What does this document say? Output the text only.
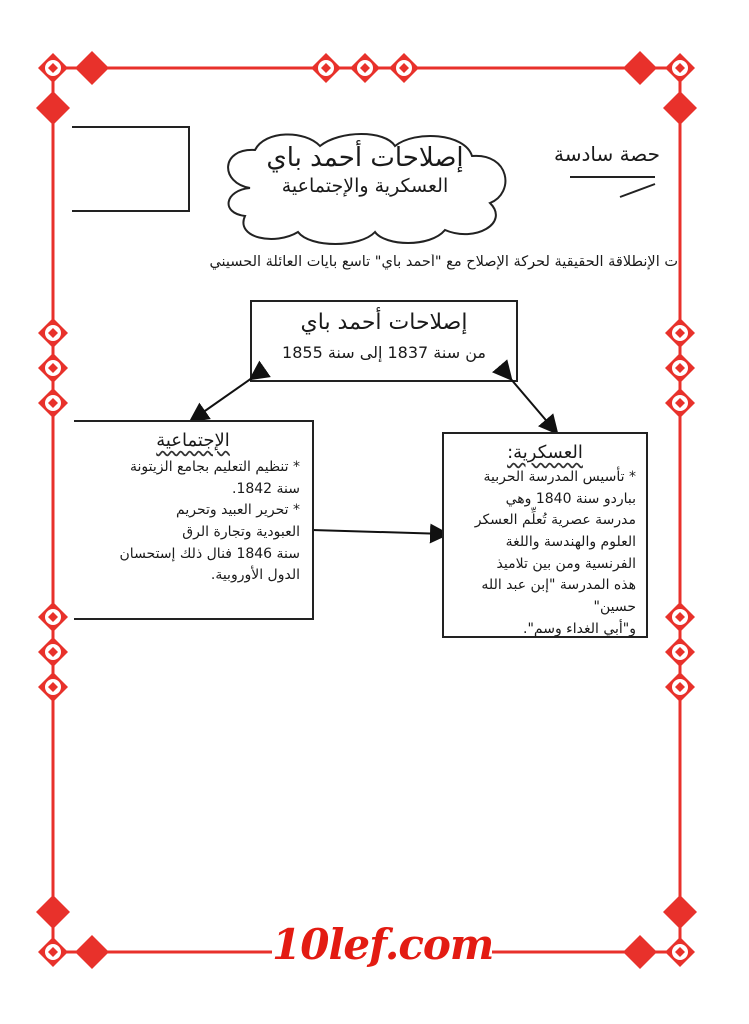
حصة سادسة
إصلاحات أحمد باي
العسكرية والإجتماعية
ت الإنطلاقة الحقيقية لحركة الإصلاح مع "أحمد باي" تاسع بايات العائلة الحسيني
إصلاحات أحمد باي
من سنة 1837 إلى سنة 1855
الإجتماعية
* تنظيم التعليم بجامع الزيتونة
سنة 1842.
* تحرير العبيد وتحريم
العبودية وتجارة الرق
سنة 1846 فنال ذلك إستحسان
الدول الأوروبية.
العسكرية:
* تأسيس المدرسة الحربية
بباردو سنة 1840 وهي
مدرسة عصرية تُعلِّم العسكر
العلوم والهندسة واللغة
الفرنسية ومن بين تلاميذ
هذه المدرسة "إبن عبد الله حسين"
و"أبي الغداء وسم".
10lef.com
